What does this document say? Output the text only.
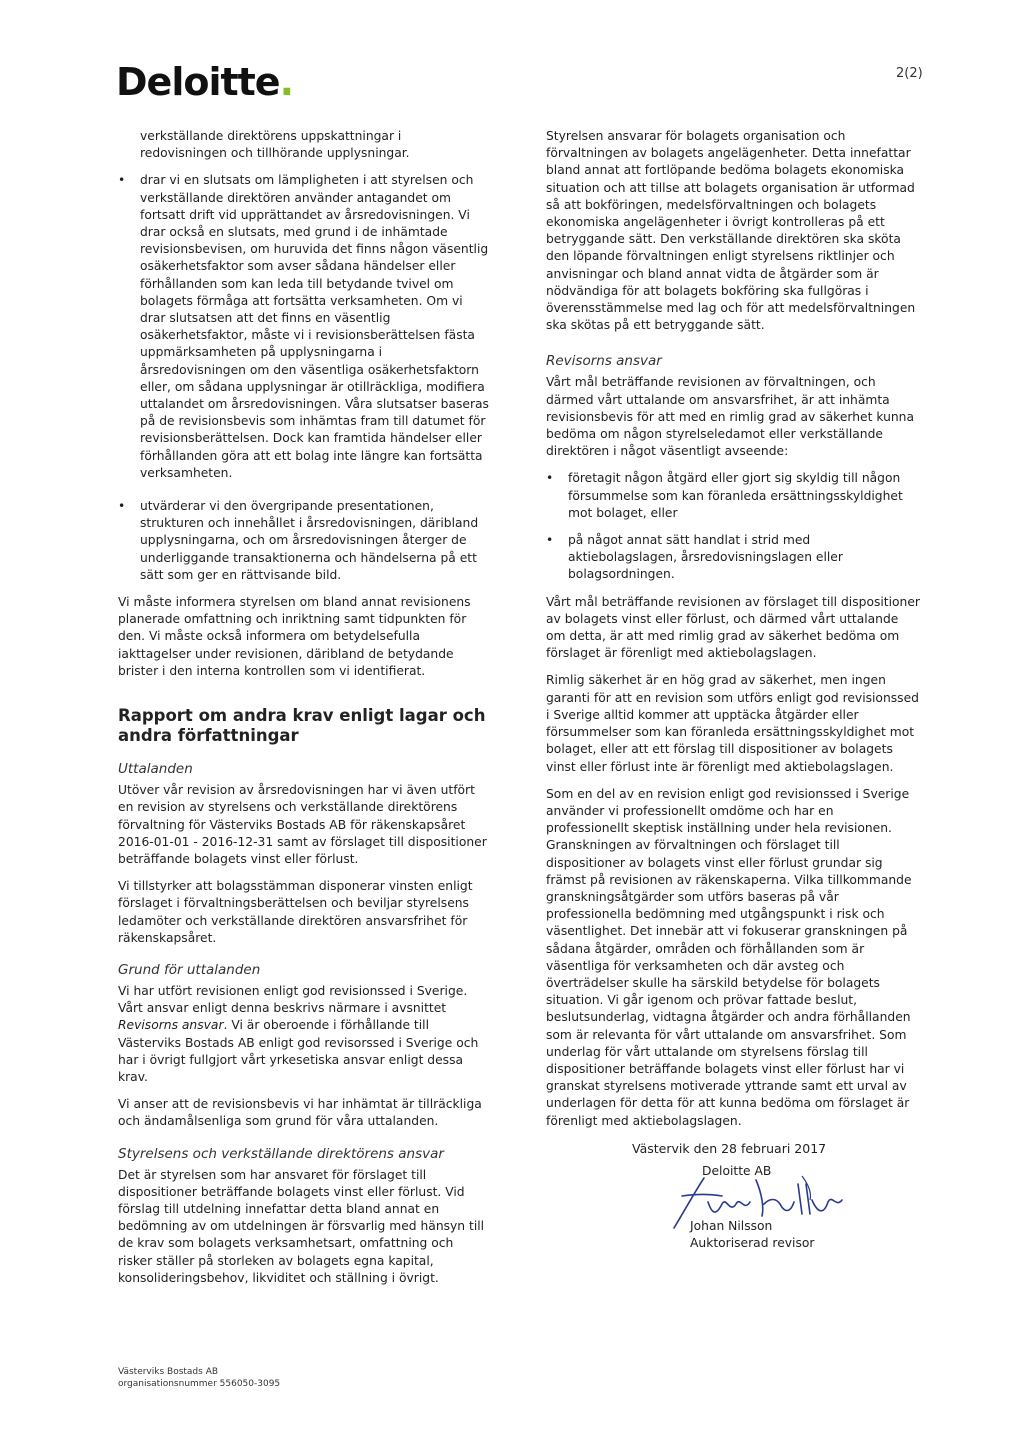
Deloitte.	2(2)

verkställande direktörens uppskattningar i redovisningen och tillhörande upplysningar.

• drar vi en slutsats om lämpligheten i att styrelsen och verkställande direktören använder antagandet om fortsatt drift vid upprättandet av årsredovisningen. Vi drar också en slutsats, med grund i de inhämtade revisionsbevisen, om huruvida det finns någon väsentlig osäkerhetsfaktor som avser sådana händelser eller förhållanden som kan leda till betydande tvivel om bolagets förmåga att fortsätta verksamheten. Om vi drar slutsatsen att det finns en väsentlig osäkerhetsfaktor, måste vi i revisionsberättelsen fästa uppmärksamheten på upplysningarna i årsredovisningen om den väsentliga osäkerhetsfaktorn eller, om sådana upplysningar är otillräckliga, modifiera uttalandet om årsredovisningen. Våra slutsatser baseras på de revisionsbevis som inhämtas fram till datumet för revisionsberättelsen. Dock kan framtida händelser eller förhållanden göra att ett bolag inte längre kan fortsätta verksamheten.
• utvärderar vi den övergripande presentationen, strukturen och innehållet i årsredovisningen, däribland upplysningarna, och om årsredovisningen återger de underliggande transaktionerna och händelserna på ett sätt som ger en rättvisande bild.

Vi måste informera styrelsen om bland annat revisionens planerade omfattning och inriktning samt tidpunkten för den. Vi måste också informera om betydelsefulla iakttagelser under revisionen, däribland de betydande brister i den interna kontrollen som vi identifierat.

Rapport om andra krav enligt lagar och andra författningar
Uttalanden

Utöver vår revision av årsredovisningen har vi även utfört en revision av styrelsens och verkställande direktörens förvaltning för Västerviks Bostads AB för räkenskapsåret 2016-01-01 - 2016-12-31 samt av förslaget till dispositioner beträffande bolagets vinst eller förlust.

Vi tillstyrker att bolagsstämman disponerar vinsten enligt förslaget i förvaltningsberättelsen och beviljar styrelsens ledamöter och verkställande direktören ansvarsfrihet för räkenskapsåret.

Grund för uttalanden

Vi har utfört revisionen enligt god revisionssed i Sverige. Vårt ansvar enligt denna beskrivs närmare i avsnittet Revisorns ansvar. Vi är oberoende i förhållande till Västerviks Bostads AB enligt god revisorssed i Sverige och har i övrigt fullgjort vårt yrkesetiska ansvar enligt dessa krav.

Vi anser att de revisionsbevis vi har inhämtat är tillräckliga och ändamålsenliga som grund för våra uttalanden.

Styrelsens och verkställande direktörens ansvar

Det är styrelsen som har ansvaret för förslaget till dispositioner beträffande bolagets vinst eller förlust. Vid förslag till utdelning innefattar detta bland annat en bedömning av om utdelningen är försvarlig med hänsyn till de krav som bolagets verksamhetsart, omfattning och risker ställer på storleken av bolagets egna kapital, konsolideringsbehov, likviditet och ställning i övrigt.

Styrelsen ansvarar för bolagets organisation och förvaltningen av bolagets angelägenheter. Detta innefattar bland annat att fortlöpande bedöma bolagets ekonomiska situation och att tillse att bolagets organisation är utformad så att bokföringen, medelsförvaltningen och bolagets ekonomiska angelägenheter i övrigt kontrolleras på ett betryggande sätt. Den verkställande direktören ska sköta den löpande förvaltningen enligt styrelsens riktlinjer och anvisningar och bland annat vidta de åtgärder som är nödvändiga för att bolagets bokföring ska fullgöras i överensstämmelse med lag och för att medelsförvaltningen ska skötas på ett betryggande sätt.

Revisorns ansvar

Vårt mål beträffande revisionen av förvaltningen, och därmed vårt uttalande om ansvarsfrihet, är att inhämta revisionsbevis för att med en rimlig grad av säkerhet kunna bedöma om någon styrelseledamot eller verkställande direktören i något väsentligt avseende:

• företagit någon åtgärd eller gjort sig skyldig till någon försummelse som kan föranleda ersättningsskyldighet mot bolaget, eller
• på något annat sätt handlat i strid med aktiebolagslagen, årsredovisningslagen eller bolagsordningen.

Vårt mål beträffande revisionen av förslaget till dispositioner av bolagets vinst eller förlust, och därmed vårt uttalande om detta, är att med rimlig grad av säkerhet bedöma om förslaget är förenligt med aktiebolagslagen.

Rimlig säkerhet är en hög grad av säkerhet, men ingen garanti för att en revision som utförs enligt god revisionssed i Sverige alltid kommer att upptäcka åtgärder eller försummelser som kan föranleda ersättningsskyldighet mot bolaget, eller att ett förslag till dispositioner av bolagets vinst eller förlust inte är förenligt med aktiebolagslagen.

Som en del av en revision enligt god revisionssed i Sverige använder vi professionellt omdöme och har en professionellt skeptisk inställning under hela revisionen. Granskningen av förvaltningen och förslaget till dispositioner av bolagets vinst eller förlust grundar sig främst på revisionen av räkenskaperna. Vilka tillkommande granskningsåtgärder som utförs baseras på vår professionella bedömning med utgångspunkt i risk och väsentlighet. Det innebär att vi fokuserar granskningen på sådana åtgärder, områden och förhållanden som är väsentliga för verksamheten och där avsteg och överträdelser skulle ha särskild betydelse för bolagets situation. Vi går igenom och prövar fattade beslut, beslutsunderlag, vidtagna åtgärder och andra förhållanden som är relevanta för vårt uttalande om ansvarsfrihet. Som underlag för vårt uttalande om styrelsens förslag till dispositioner beträffande bolagets vinst eller förlust har vi granskat styrelsens motiverade yttrande samt ett urval av underlagen för detta för att kunna bedöma om förslaget är förenligt med aktiebolagslagen.

Västervik den 28 februari 2017
Deloitte AB
Johan Nilsson
Auktoriserad revisor
Västerviks Bostads AB
organisationsnummer 556050-3095
